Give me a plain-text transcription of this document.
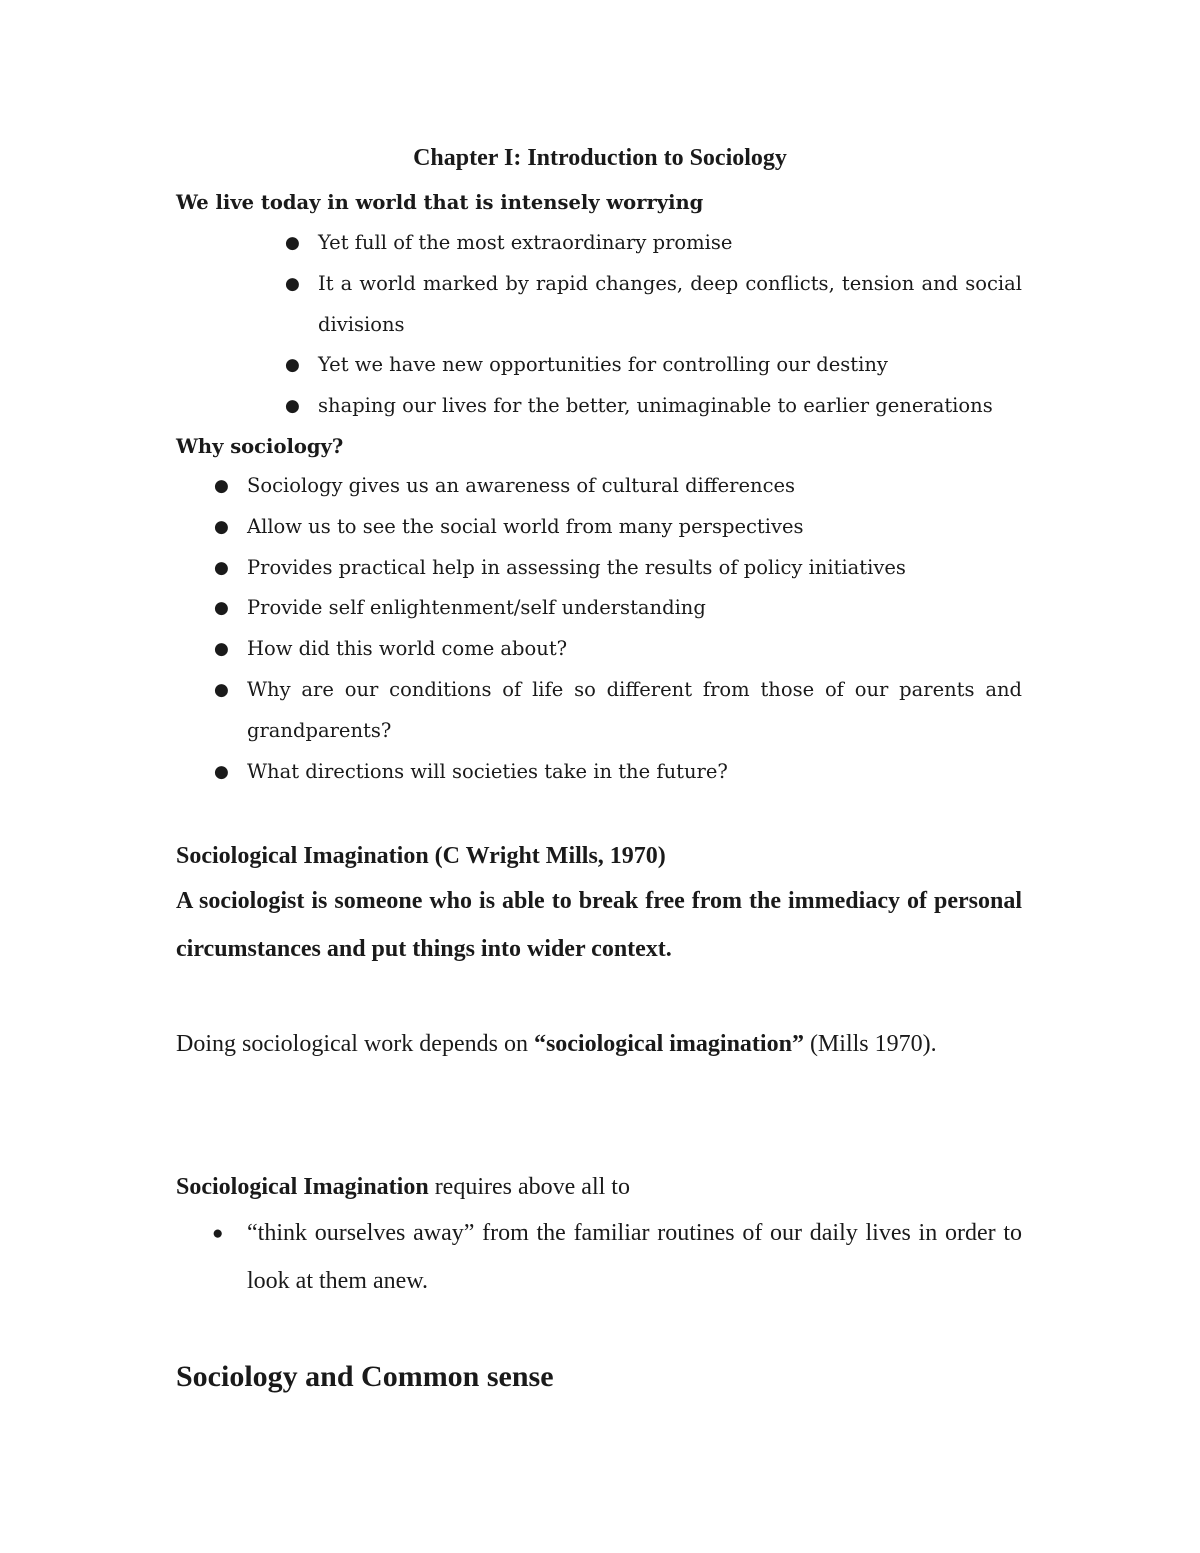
Chapter I: Introduction to Sociology
We live today in world that is intensely worrying
● Yet full of the most extraordinary promise
● It a world marked by rapid changes, deep conflicts, tension and social divisions
● Yet we have new opportunities for controlling our destiny
● shaping our lives for the better, unimaginable to earlier generations
Why sociology?
● Sociology gives us an awareness of cultural differences
● Allow us to see the social world from many perspectives
● Provides practical help in assessing the results of policy initiatives
● Provide self enlightenment/self understanding
● How did this world come about?
● Why are our conditions of life so different from those of our parents and grandparents?
● What directions will societies take in the future?
Sociological Imagination (C Wright Mills, 1970)
A sociologist is someone who is able to break free from the immediacy of personal circumstances and put things into wider context.
Doing sociological work depends on “sociological imagination” (Mills 1970).
Sociological Imagination requires above all to
● “think ourselves away” from the familiar routines of our daily lives in order to look at them anew.
Sociology and Common sense
